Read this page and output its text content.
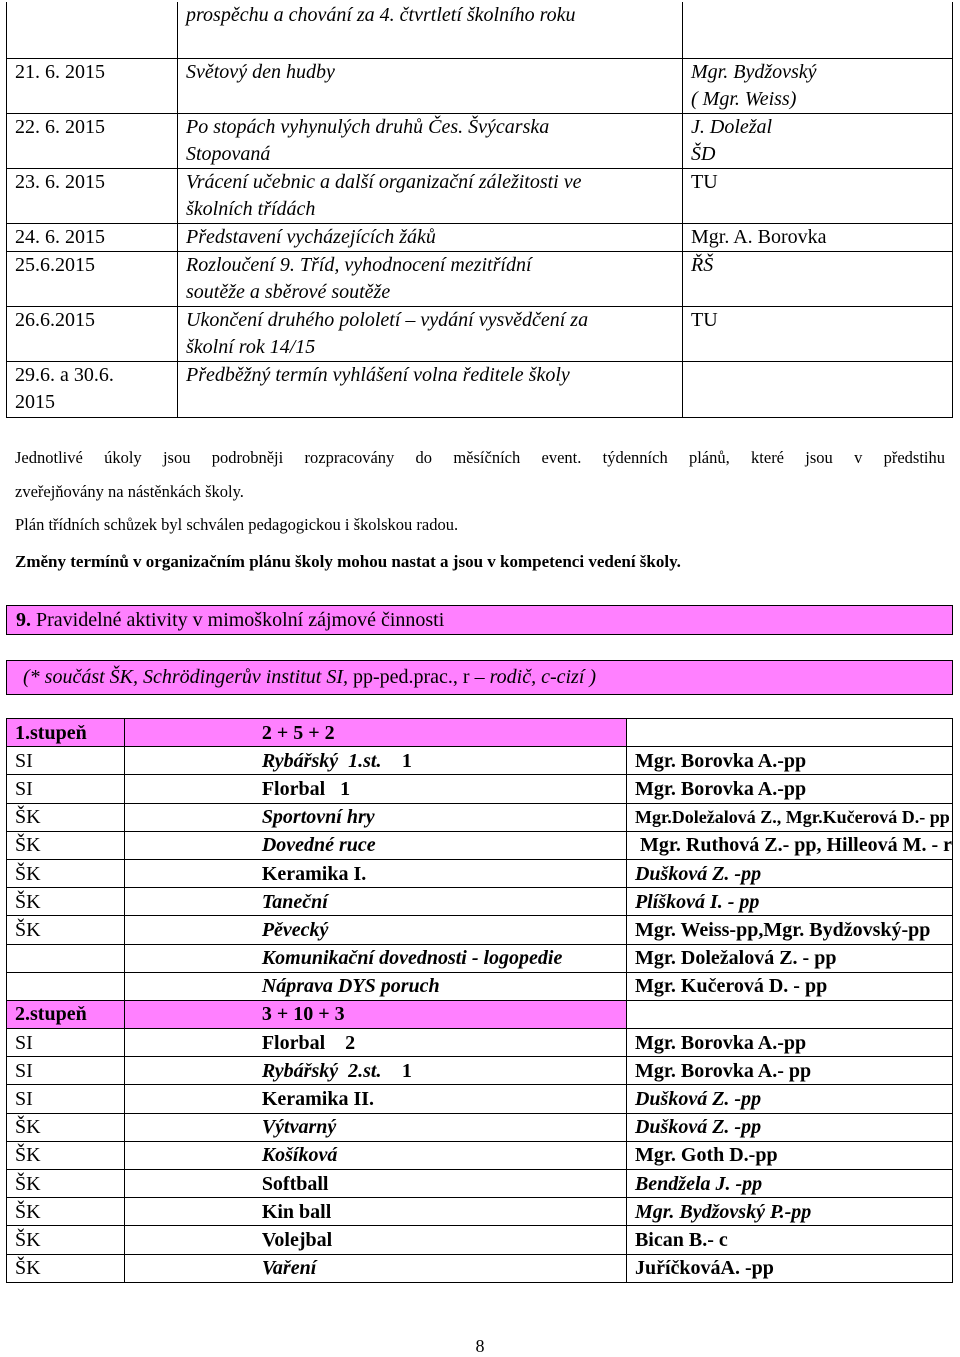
	prospěchu a chování za 4. čtvrtletí školního roku	
21. 6. 2015	Světový den hudby	Mgr. Bydžovský
( Mgr. Weiss)

22. 6. 2015	Po stopách vyhynulých druhů Čes. Švýcarska
Stopovaná	J. Doležal
ŠD

23. 6. 2015	Vrácení učebnic a další organizační záležitosti ve
školních třídách	TU
24. 6. 2015	Představení vycházejících žáků	Mgr. A. Borovka
25.6.2015	Rozloučení 9. Tříd, vyhodnocení mezitřídní
soutěže a sběrové soutěže	ŘŠ
26.6.2015	Ukončení druhého pololetí – vydání vysvědčení za
školní rok 14/15	TU
29.6. a 30.6.
2015	Předběžný termín vyhlášení volna ředitele školy	
Jednotlivé úkoly jsou podrobněji rozpracovány do měsíčních event. týdenních plánů, které jsou v předstihu
zveřejňovány na nástěnkách školy.
Plán třídních schůzek byl schválen pedagogickou i školskou radou.
Změny termínů v organizačním plánu školy mohou nastat a jsou v kompetenci vedení školy.
9. Pravidelné aktivity v mimoškolní zájmové činnosti
(* součást ŠK, Schrödingerův institut SI, pp-ped.prac., r – rodič, c-cizí )
1.stupeň	2 + 5 + 2	
SI	Rybářský  1.st. 1	Mgr. Borovka A.-pp
SI	Florbal   1	Mgr. Borovka A.-pp
ŠK	Sportovní hry	Mgr.Doležalová Z., Mgr.Kučerová D.- pp
ŠK	Dovedné ruce	Mgr. Ruthová Z.- pp, Hilleová M. - r
ŠK	Keramika I.	Dušková Z. -pp
ŠK	Taneční	Plíšková I. - pp
ŠK	Pěvecký	Mgr. Weiss-pp,Mgr. Bydžovský-pp
	Komunikační dovednosti - logopedie	Mgr. Doležalová Z. - pp
	Náprava DYS poruch	Mgr. Kučerová D. - pp
2.stupeň	3 + 10 + 3	
SI	Florbal    2	Mgr. Borovka A.-pp
SI	Rybářský  2.st. 1	Mgr. Borovka A.- pp
SI	Keramika II.	Dušková Z. -pp
ŠK	Výtvarný	Dušková Z. -pp
ŠK	Košíková	Mgr. Goth D.-pp
ŠK	Softball	Bendžela J. -pp
ŠK	Kin ball	Mgr. Bydžovský P.-pp
ŠK	Volejbal	Bican B.- c
ŠK	Vaření	JuříčkováA. -pp
8
